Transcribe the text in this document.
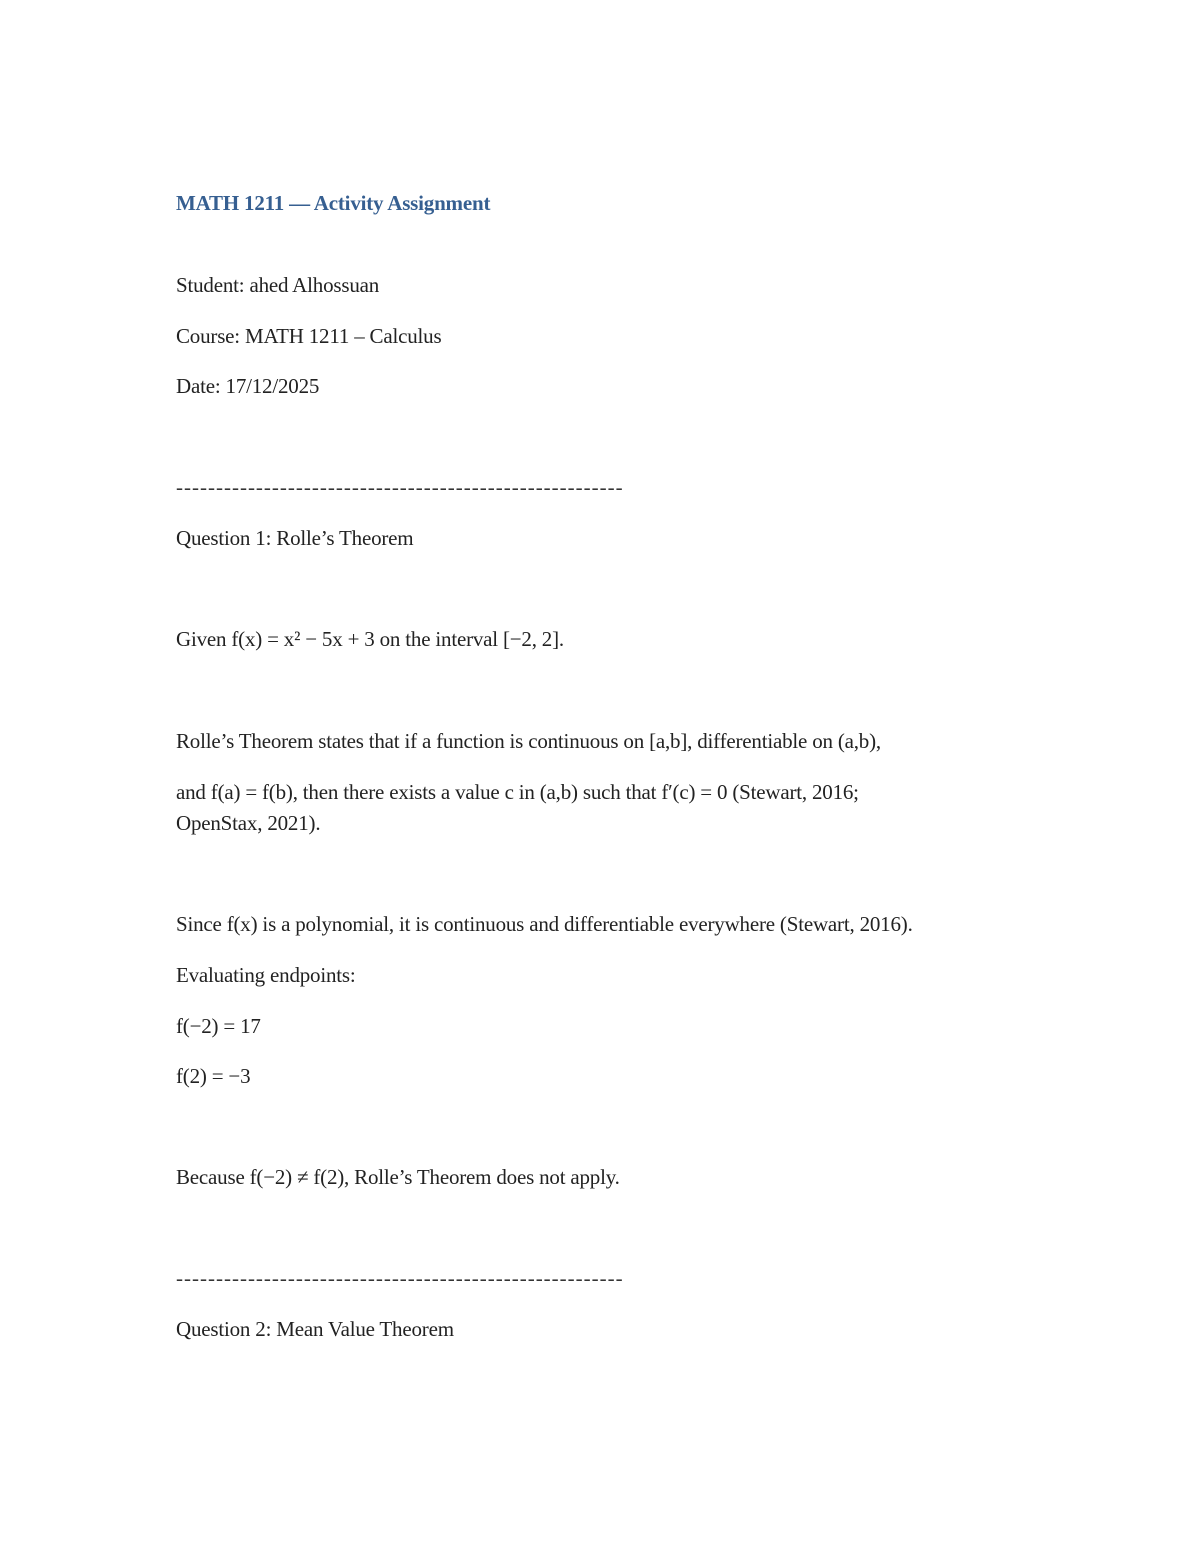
MATH 1211 — Activity Assignment
Student: ahed Alhossuan
Course: MATH 1211 – Calculus
Date: 17/12/2025
--------------------------------------------------------
Question 1: Rolle’s Theorem
Given f(x) = x² − 5x + 3 on the interval [−2, 2].
Rolle’s Theorem states that if a function is continuous on [a,b], differentiable on (a,b),
and f(a) = f(b), then there exists a value c in (a,b) such that f′(c) = 0 (Stewart, 2016;
OpenStax, 2021).
Since f(x) is a polynomial, it is continuous and differentiable everywhere (Stewart, 2016).
Evaluating endpoints:
f(−2) = 17
f(2) = −3
Because f(−2) ≠ f(2), Rolle’s Theorem does not apply.
--------------------------------------------------------
Question 2: Mean Value Theorem
